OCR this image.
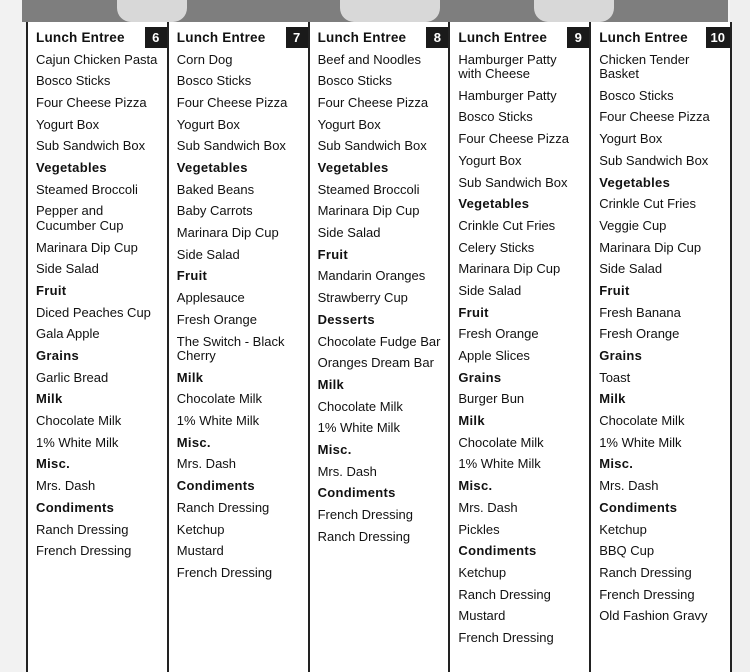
Lunch Entree	6
Cajun Chicken Pasta
Bosco Sticks
Four Cheese Pizza
Yogurt Box
Sub Sandwich Box
Vegetables
Steamed Broccoli
Pepper and
Cucumber Cup
Marinara Dip Cup
Side Salad
Fruit
Diced Peaches Cup
Gala Apple
Grains
Garlic Bread
Milk
Chocolate Milk
1% White Milk
Misc.
Mrs. Dash
Condiments
Ranch Dressing
French Dressing
Lunch Entree	7
Corn Dog
Bosco Sticks
Four Cheese Pizza
Yogurt Box
Sub Sandwich Box
Vegetables
Baked Beans
Baby Carrots
Marinara Dip Cup
Side Salad
Fruit
Applesauce
Fresh Orange
The Switch - Black
Cherry
Milk
Chocolate Milk
1% White Milk
Misc.
Mrs. Dash
Condiments
Ranch Dressing
Ketchup
Mustard
French Dressing
Lunch Entree	8
Beef and Noodles
Bosco Sticks
Four Cheese Pizza
Yogurt Box
Sub Sandwich Box
Vegetables
Steamed Broccoli
Marinara Dip Cup
Side Salad
Fruit
Mandarin Oranges
Strawberry Cup
Desserts
Chocolate Fudge Bar
Oranges Dream Bar
Milk
Chocolate Milk
1% White Milk
Misc.
Mrs. Dash
Condiments
French Dressing
Ranch Dressing
Lunch Entree	9
Hamburger Patty
with Cheese
Hamburger Patty
Bosco Sticks
Four Cheese Pizza
Yogurt Box
Sub Sandwich Box
Vegetables
Crinkle Cut Fries
Celery Sticks
Marinara Dip Cup
Side Salad
Fruit
Fresh Orange
Apple Slices
Grains
Burger Bun
Milk
Chocolate Milk
1% White Milk
Misc.
Mrs. Dash
Pickles
Condiments
Ketchup
Ranch Dressing
Mustard
French Dressing
Lunch Entree	10
Chicken Tender
Basket
Bosco Sticks
Four Cheese Pizza
Yogurt Box
Sub Sandwich Box
Vegetables
Crinkle Cut Fries
Veggie Cup
Marinara Dip Cup
Side Salad
Fruit
Fresh Banana
Fresh Orange
Grains
Toast
Milk
Chocolate Milk
1% White Milk
Misc.
Mrs. Dash
Condiments
Ketchup
BBQ Cup
Ranch Dressing
French Dressing
Old Fashion Gravy
